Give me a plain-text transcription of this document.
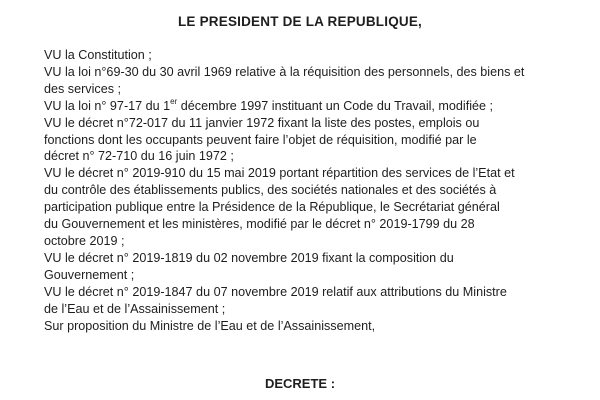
LE PRESIDENT DE LA REPUBLIQUE,
VU la Constitution ;
VU la loi n°69-30 du 30 avril 1969 relative à la réquisition des personnels, des biens et
des services ;
VU la loi n° 97-17 du 1er décembre 1997 instituant un Code du Travail, modifiée ;
VU le décret n°72-017 du 11 janvier 1972 fixant la liste des postes, emplois ou
fonctions dont les occupants peuvent faire l’objet de réquisition, modifié par le
décret n° 72-710 du 16 juin 1972 ;
VU le décret n° 2019-910 du 15 mai 2019 portant répartition des services de l’Etat et
du contrôle des établissements publics, des sociétés nationales et des sociétés à
participation publique entre la Présidence de la République, le Secrétariat général
du Gouvernement et les ministères, modifié par le décret n° 2019-1799 du 28
octobre 2019 ;
VU le décret n° 2019-1819 du 02 novembre 2019 fixant la composition du
Gouvernement ;
VU le décret n° 2019-1847 du 07 novembre 2019 relatif aux attributions du Ministre
de l’Eau et de l’Assainissement ;
Sur proposition du Ministre de l’Eau et de l’Assainissement,
DECRETE :
